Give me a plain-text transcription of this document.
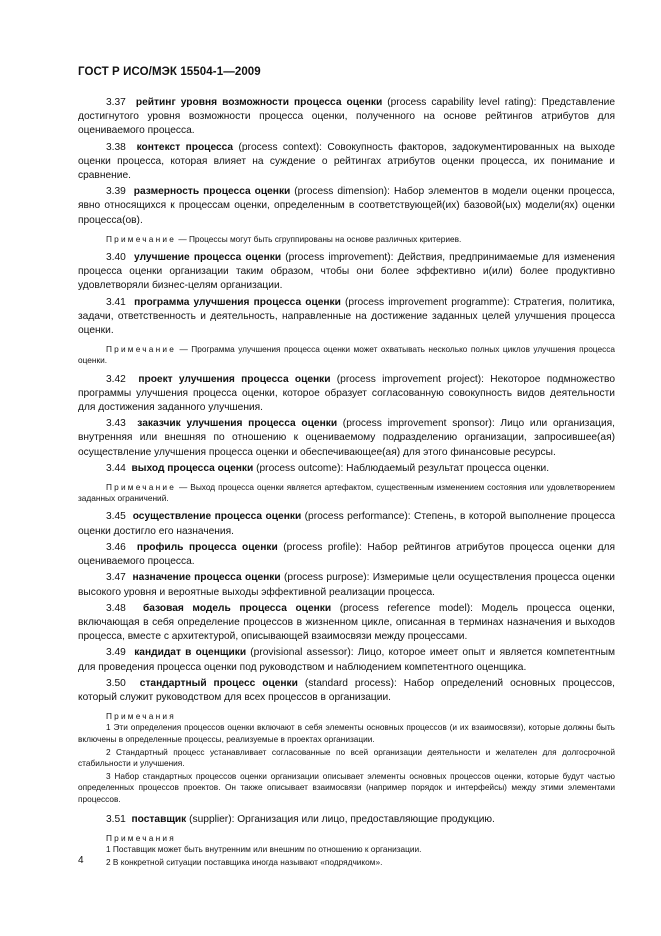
ГОСТ Р ИСО/МЭК 15504-1—2009

3.37 рейтинг уровня возможности процесса оценки (process capability level rating): Представление достигнутого уровня возможности процесса оценки, полученного на основе рейтингов атрибутов для оцениваемого процесса.

3.38 контекст процесса (process context): Совокупность факторов, задокументированных на выходе оценки процесса, которая влияет на суждение о рейтингах атрибутов оценки процесса, их понимание и сравнение.

3.39 размерность процесса оценки (process dimension): Набор элементов в модели оценки процесса, явно относящихся к процессам оценки, определенным в соответствующей(их) базовой(ых) модели(ях) оценки процесса(ов).

Примечание — Процессы могут быть сгруппированы на основе различных критериев.

3.40 улучшение процесса оценки (process improvement): Действия, предпринимаемые для изменения процесса оценки организации таким образом, чтобы они более эффективно и(или) более продуктивно удовлетворяли бизнес-целям организации.

3.41 программа улучшения процесса оценки (process improvement programme): Стратегия, политика, задачи, ответственность и деятельность, направленные на достижение заданных целей улучшения процесса оценки.

Примечание — Программа улучшения процесса оценки может охватывать несколько полных циклов улучшения процесса оценки.

3.42 проект улучшения процесса оценки (process improvement project): Некоторое подмножество программы улучшения процесса оценки, которое образует согласованную совокупность видов деятельности для достижения заданного улучшения.

3.43 заказчик улучшения процесса оценки (process improvement sponsor): Лицо или организация, внутренняя или внешняя по отношению к оцениваемому подразделению организации, запросившее(ая) осуществление улучшения процесса оценки и обеспечивающее(ая) для этого финансовые ресурсы.

3.44 выход процесса оценки (process outcome): Наблюдаемый результат процесса оценки.

Примечание — Выход процесса оценки является артефактом, существенным изменением состояния или удовлетворением заданных ограничений.

3.45 осуществление процесса оценки (process performance): Степень, в которой выполнение процесса оценки достигло его назначения.

3.46 профиль процесса оценки (process profile): Набор рейтингов атрибутов процесса оценки для оцениваемого процесса.

3.47 назначение процесса оценки (process purpose): Измеримые цели осуществления процесса оценки высокого уровня и вероятные выходы эффективной реализации процесса.

3.48 базовая модель процесса оценки (process reference model): Модель процесса оценки, включающая в себя определение процессов в жизненном цикле, описанная в терминах назначения и выходов процесса, вместе с архитектурой, описывающей взаимосвязи между процессами.

3.49 кандидат в оценщики (provisional assessor): Лицо, которое имеет опыт и является компетентным для проведения процесса оценки под руководством и наблюдением компетентного оценщика.

3.50 стандартный процесс оценки (standard process): Набор определений основных процессов, который служит руководством для всех процессов в организации.

Примечания

1 Эти определения процессов оценки включают в себя элементы основных процессов (и их взаимосвязи), которые должны быть включены в определенные процессы, реализуемые в проектах организации.

2 Стандартный процесс устанавливает согласованные по всей организации деятельности и желателен для долгосрочной стабильности и улучшения.

3 Набор стандартных процессов оценки организации описывает элементы основных процессов оценки, которые будут частью определенных процессов проектов. Он также описывает взаимосвязи (например порядок и интерфейсы) между этими элементами процессов.

3.51 поставщик (supplier): Организация или лицо, предоставляющие продукцию.

Примечания

1 Поставщик может быть внутренним или внешним по отношению к организации.

2 В конкретной ситуации поставщика иногда называют «подрядчиком».

4
